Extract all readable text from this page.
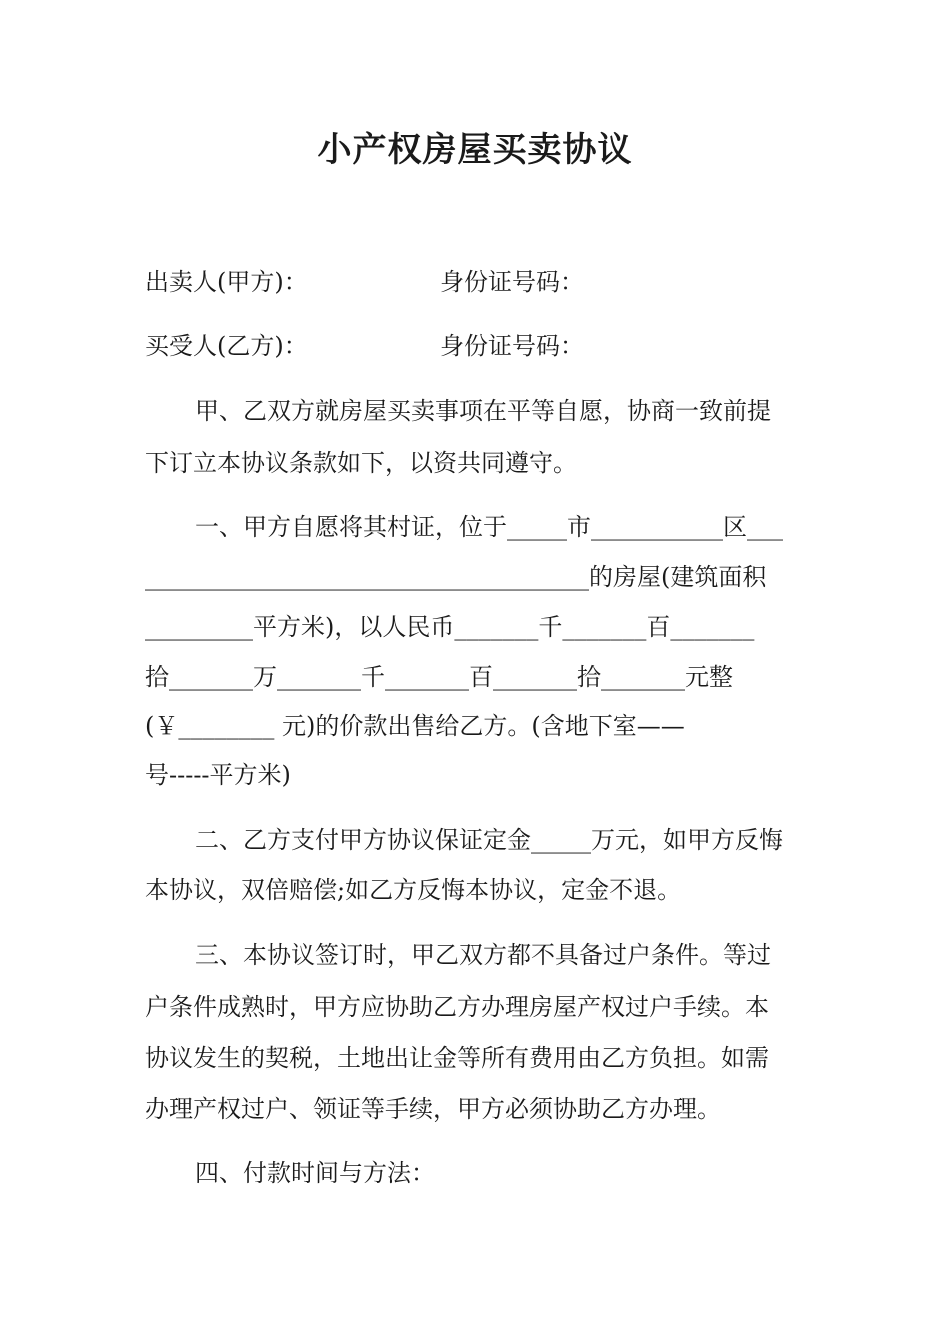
小产权房屋买卖协议
出卖人(甲方)：	身份证号码：
买受人(乙方)：	身份证号码：
甲、乙双方就房屋买卖事项在平等自愿，协商一致前提
下订立本协议条款如下，以资共同遵守。
一、甲方自愿将其村证，位于_____市___________区___
_____________________________________的房屋(建筑面积
_________平方米)，以人民币_______千_______百_______
拾_______万_______千_______百_______拾_______元整
(￥________ 元)的价款出售给乙方。(含地下室——
号-----平方米)
二、乙方支付甲方协议保证定金_____万元，如甲方反悔
本协议，双倍赔偿;如乙方反悔本协议，定金不退。
三、本协议签订时，甲乙双方都不具备过户条件。等过
户条件成熟时，甲方应协助乙方办理房屋产权过户手续。本
协议发生的契税，土地出让金等所有费用由乙方负担。如需
办理产权过户、领证等手续，甲方必须协助乙方办理。
四、付款时间与方法：
